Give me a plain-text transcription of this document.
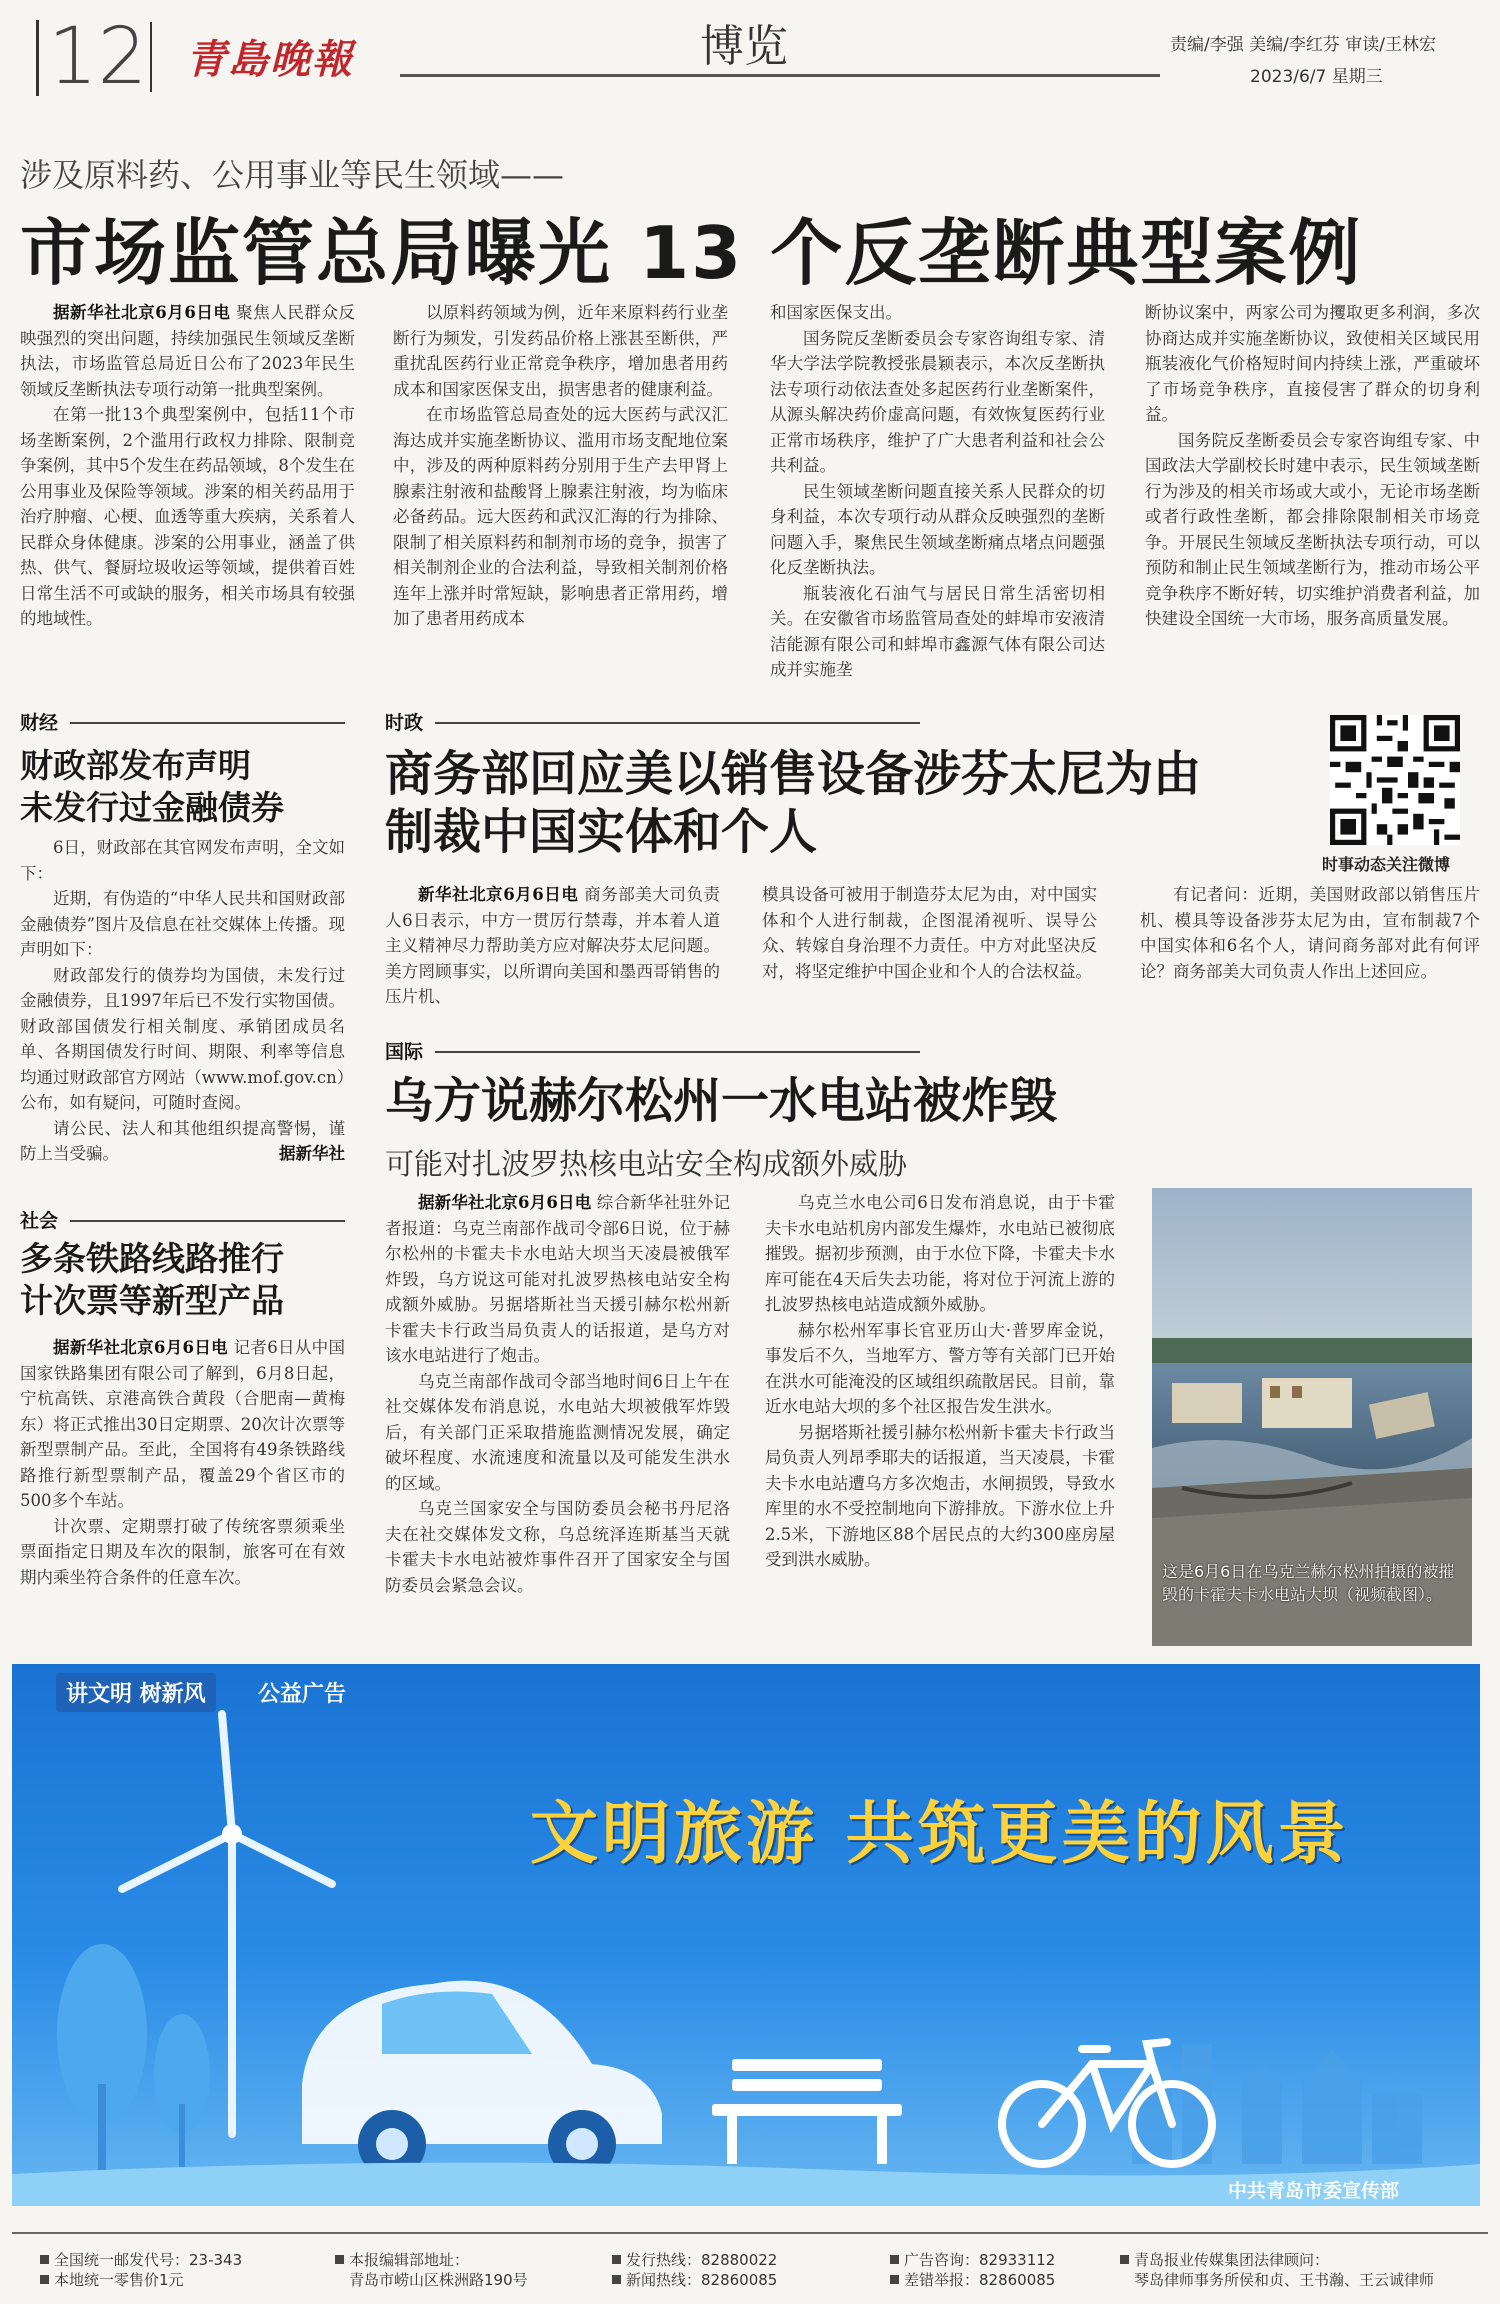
12 青島晚報	博览	责编/李强 美编/李红芬 审读/王林宏
2023/6/7 星期三
涉及原料药、公用事业等民生领域——
市场监管总局曝光 13 个反垄断典型案例

据新华社北京6月6日电 聚焦人民群众反映强烈的突出问题，持续加强民生领域反垄断执法，市场监管总局近日公布了2023年民生领域反垄断执法专项行动第一批典型案例。

在第一批13个典型案例中，包括11个市场垄断案例，2个滥用行政权力排除、限制竞争案例，其中5个发生在药品领域，8个发生在公用事业及保险等领域。涉案的相关药品用于治疗肿瘤、心梗、血透等重大疾病，关系着人民群众身体健康。涉案的公用事业，涵盖了供热、供气、餐厨垃圾收运等领域，提供着百姓日常生活不可或缺的服务，相关市场具有较强的地域性。

以原料药领域为例，近年来原料药行业垄断行为频发，引发药品价格上涨甚至断供，严重扰乱医药行业正常竞争秩序，增加患者用药成本和国家医保支出，损害患者的健康利益。

在市场监管总局查处的远大医药与武汉汇海达成并实施垄断协议、滥用市场支配地位案中，涉及的两种原料药分别用于生产去甲肾上腺素注射液和盐酸肾上腺素注射液，均为临床必备药品。远大医药和武汉汇海的行为排除、限制了相关原料药和制剂市场的竞争，损害了相关制剂企业的合法利益，导致相关制剂价格连年上涨并时常短缺，影响患者正常用药，增加了患者用药成本

和国家医保支出。

国务院反垄断委员会专家咨询组专家、清华大学法学院教授张晨颖表示，本次反垄断执法专项行动依法查处多起医药行业垄断案件，从源头解决药价虚高问题，有效恢复医药行业正常市场秩序，维护了广大患者利益和社会公共利益。

民生领域垄断问题直接关系人民群众的切身利益，本次专项行动从群众反映强烈的垄断问题入手，聚焦民生领域垄断痛点堵点问题强化反垄断执法。

瓶装液化石油气与居民日常生活密切相关。在安徽省市场监管局查处的蚌埠市安液清洁能源有限公司和蚌埠市鑫源气体有限公司达成并实施垄

断协议案中，两家公司为攫取更多利润，多次协商达成并实施垄断协议，致使相关区域民用瓶装液化气价格短时间内持续上涨，严重破坏了市场竞争秩序，直接侵害了群众的切身利益。

国务院反垄断委员会专家咨询组专家、中国政法大学副校长时建中表示，民生领域垄断行为涉及的相关市场或大或小，无论市场垄断或者行政性垄断，都会排除限制相关市场竞争。开展民生领域反垄断执法专项行动，可以预防和制止民生领域垄断行为，推动市场公平竞争秩序不断好转，切实维护消费者利益，加快建设全国统一大市场，服务高质量发展。

财经
财政部发布声明
未发行过金融债券

6日，财政部在其官网发布声明，全文如下：

近期，有伪造的“中华人民共和国财政部金融债券”图片及信息在社交媒体上传播。现声明如下：

财政部发行的债券均为国债，未发行过金融债券，且1997年后已不发行实物国债。财政部国债发行相关制度、承销团成员名单、各期国债发行时间、期限、利率等信息均通过财政部官方网站（www.mof.gov.cn）公布，如有疑问，可随时查阅。

请公民、法人和其他组织提高警惕，谨防上当受骗。	据新华社

社会
多条铁路线路推行
计次票等新型产品

据新华社北京6月6日电 记者6日从中国国家铁路集团有限公司了解到，6月8日起，宁杭高铁、京港高铁合黄段（合肥南—黄梅东）将正式推出30日定期票、20次计次票等新型票制产品。至此，全国将有49条铁路线路推行新型票制产品，覆盖29个省区市的500多个车站。

计次票、定期票打破了传统客票须乘坐票面指定日期及车次的限制，旅客可在有效期内乘坐符合条件的任意车次。

时政
商务部回应美以销售设备涉芬太尼为由
制裁中国实体和个人
时事动态关注微博

新华社北京6月6日电 商务部美大司负责人6日表示，中方一贯厉行禁毒，并本着人道主义精神尽力帮助美方应对解决芬太尼问题。美方罔顾事实，以所谓向美国和墨西哥销售的压片机、

模具设备可被用于制造芬太尼为由，对中国实体和个人进行制裁，企图混淆视听、误导公众、转嫁自身治理不力责任。中方对此坚决反对，将坚定维护中国企业和个人的合法权益。

有记者问：近期，美国财政部以销售压片机、模具等设备涉芬太尼为由，宣布制裁7个中国实体和6名个人，请问商务部对此有何评论？商务部美大司负责人作出上述回应。

国际
乌方说赫尔松州一水电站被炸毁
可能对扎波罗热核电站安全构成额外威胁

据新华社北京6月6日电 综合新华社驻外记者报道：乌克兰南部作战司令部6日说，位于赫尔松州的卡霍夫卡水电站大坝当天凌晨被俄军炸毁，乌方说这可能对扎波罗热核电站安全构成额外威胁。另据塔斯社当天援引赫尔松州新卡霍夫卡行政当局负责人的话报道，是乌方对该水电站进行了炮击。

乌克兰南部作战司令部当地时间6日上午在社交媒体发布消息说，水电站大坝被俄军炸毁后，有关部门正采取措施监测情况发展，确定破坏程度、水流速度和流量以及可能发生洪水的区域。

乌克兰国家安全与国防委员会秘书丹尼洛夫在社交媒体发文称，乌总统泽连斯基当天就卡霍夫卡水电站被炸事件召开了国家安全与国防委员会紧急会议。

乌克兰水电公司6日发布消息说，由于卡霍夫卡水电站机房内部发生爆炸，水电站已被彻底摧毁。据初步预测，由于水位下降，卡霍夫卡水库可能在4天后失去功能，将对位于河流上游的扎波罗热核电站造成额外威胁。

赫尔松州军事长官亚历山大·普罗库金说，事发后不久，当地军方、警方等有关部门已开始在洪水可能淹没的区域组织疏散居民。目前，靠近水电站大坝的多个社区报告发生洪水。

另据塔斯社援引赫尔松州新卡霍夫卡行政当局负责人列昂季耶夫的话报道，当天凌晨，卡霍夫卡水电站遭乌方多次炮击，水闸损毁，导致水库里的水不受控制地向下游排放。下游水位上升2.5米，下游地区88个居民点的大约300座房屋受到洪水威胁。

这是6月6日在乌克兰赫尔松州拍摄的被摧毁的卡霍夫卡水电站大坝（视频截图）。
讲文明 树新风	公益广告
文明旅游 共筑更美的风景
中共青岛市委宣传部
全国统一邮发代号：23-343
本地统一零售价1元
本报编辑部地址：
青岛市崂山区株洲路190号
发行热线：82880022
新闻热线：82860085
广告咨询：82933112
差错举报：82860085
青岛报业传媒集团法律顾问：
琴岛律师事务所侯和贞、王书瀚、王云诚律师
